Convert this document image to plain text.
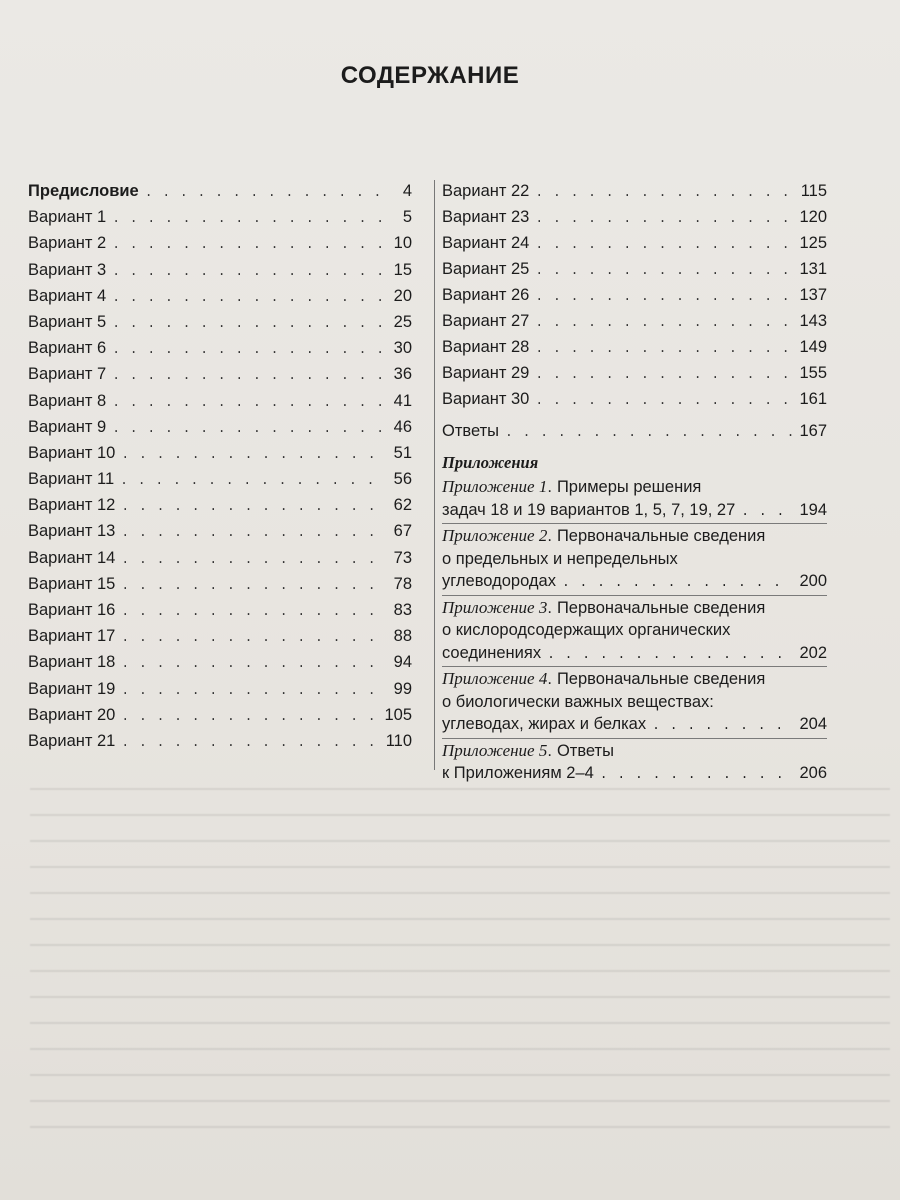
СОДЕРЖАНИЕ
Предисловие . . .	4
Вариант 1 . . .	5
Вариант 2 . . .	10
Вариант 3 . . .	15
Вариант 4 . . .	20
Вариант 5 . . .	25
Вариант 6 . . .	30
Вариант 7 . . .	36
Вариант 8 . . .	41
Вариант 9 . . .	46
Вариант 10 . . .	51
Вариант 11 . . .	56
Вариант 12 . . .	62
Вариант 13 . . .	67
Вариант 14 . . .	73
Вариант 15 . . .	78
Вариант 16 . . .	83
Вариант 17 . . .	88
Вариант 18 . . .	94
Вариант 19 . . .	99
Вариант 20 . . .	105
Вариант 21 . . .	110
Вариант 22 . . .	115
Вариант 23 . . .	120
Вариант 24 . . .	125
Вариант 25 . . .	131
Вариант 26 . . .	137
Вариант 27 . . .	143
Вариант 28 . . .	149
Вариант 29 . . .	155
Вариант 30 . . .	161
Ответы . . .	167
Приложения
Приложение 1 . Примеры решения
задач 18 и 19 вариантов 1, 5, 7, 19, 27 . . .	194
Приложение 2 . Первоначальные сведения
о предельных и непредельных
углеводородах . . .	200
Приложение 3 . Первоначальные сведения
о кислородсодержащих органических
соединениях . . .	202
Приложение 4 . Первоначальные сведения
о биологически важных веществах:
углеводах, жирах и белках . . .	204
Приложение 5 . Ответы
к Приложениям 2–4 . . .	206
